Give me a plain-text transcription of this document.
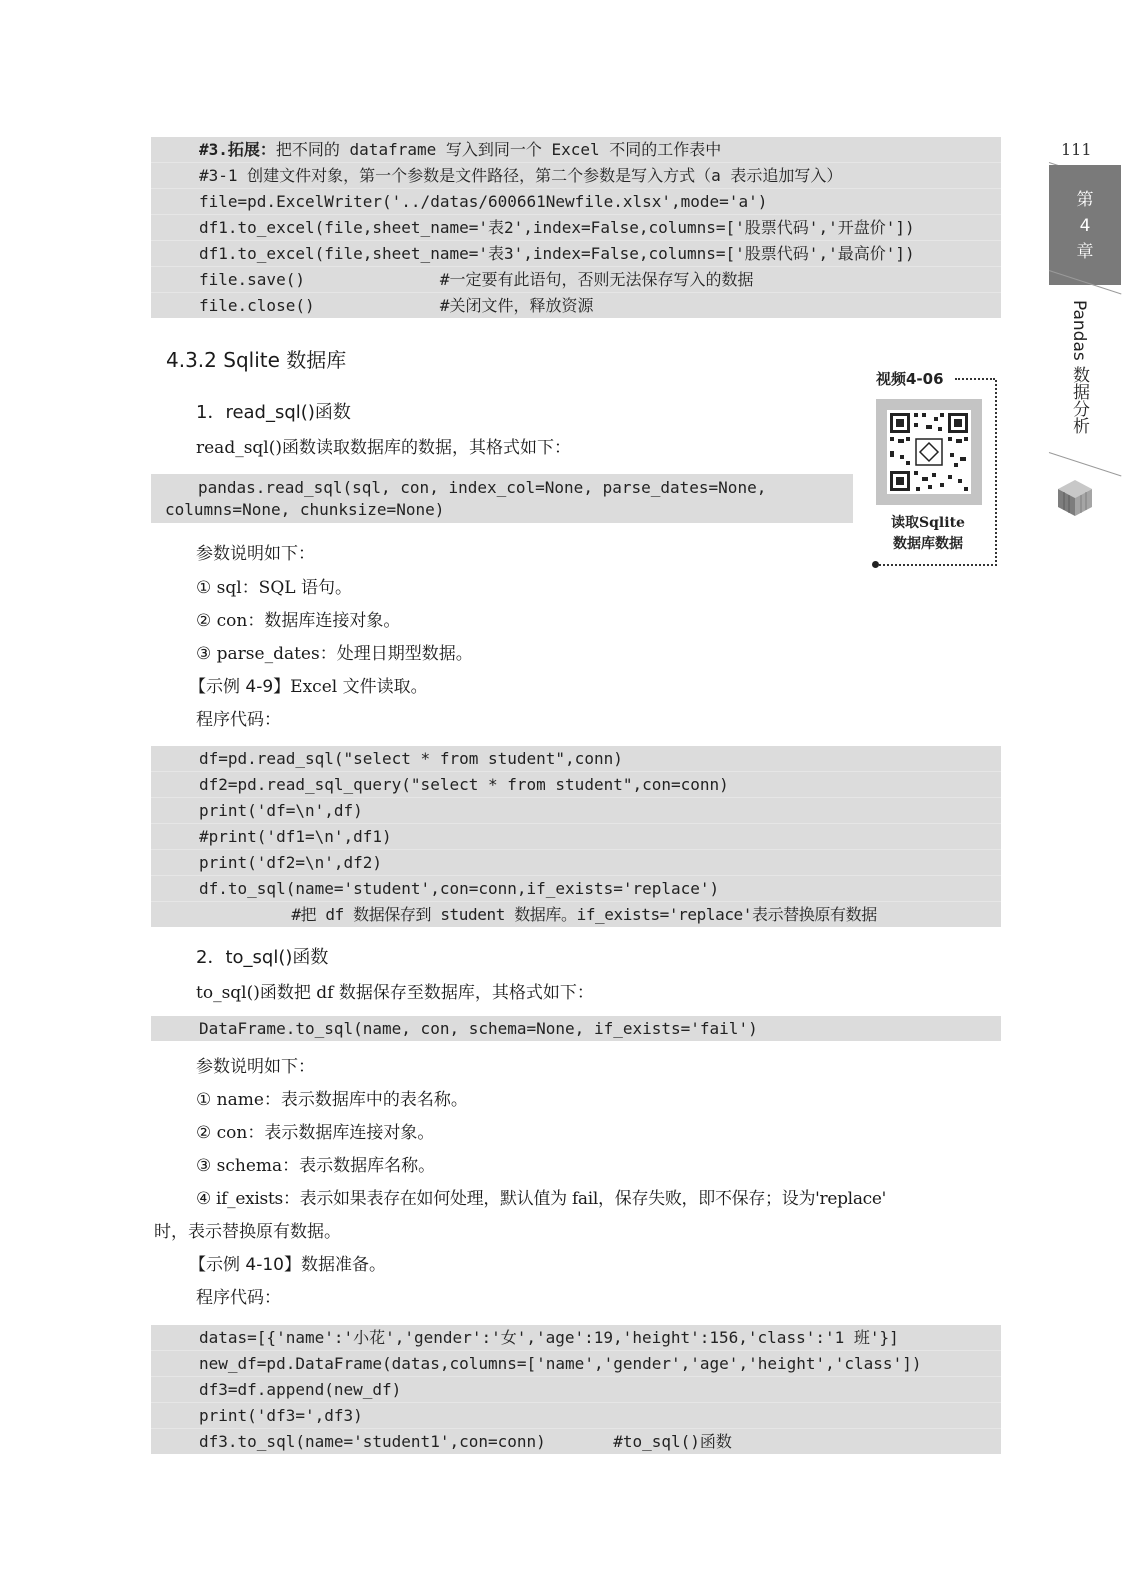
111
第
4
章
Pandas 数据分析
#3.拓展：把不同的 dataframe 写入到同一个 Excel 不同的工作表中
#3-1 创建文件对象，第一个参数是文件路径，第二个参数是写入方式（a 表示追加写入）
file=pd.ExcelWriter('../datas/600661Newfile.xlsx',mode='a')
df1.to_excel(file,sheet_name='表2',index=False,columns=['股票代码','开盘价'])
df1.to_excel(file,sheet_name='表3',index=False,columns=['股票代码','最高价'])
file.save()              #一定要有此语句，否则无法保存写入的数据
file.close()             #关闭文件，释放资源
4.3.2 Sqlite 数据库
视频4-06
读取Sqlite
数据库数据
1．read_sql()函数
read_sql()函数读取数据库的数据，其格式如下：
pandas.read_sql(sql, con, index_col=None, parse_dates=None,
columns=None, chunksize=None)
参数说明如下：
① sql：SQL 语句。
② con：数据库连接对象。
③ parse_dates：处理日期型数据。
【示例 4-9】Excel 文件读取。
程序代码：
df=pd.read_sql("select * from student",conn)
df2=pd.read_sql_query("select * from student",con=conn)
print('df=\n',df)
#print('df1=\n',df1)
print('df2=\n',df2)
df.to_sql(name='student',con=conn,if_exists='replace')
#把 df 数据保存到 student 数据库。if_exists='replace'表示替换原有数据
2．to_sql()函数
to_sql()函数把 df 数据保存至数据库，其格式如下：
DataFrame.to_sql(name, con, schema=None, if_exists='fail')
参数说明如下：
① name：表示数据库中的表名称。
② con：表示数据库连接对象。
③ schema：表示数据库名称。
④ if_exists：表示如果表存在如何处理，默认值为 fail，保存失败，即不保存；设为'replace'
时，表示替换原有数据。
【示例 4-10】数据准备。
程序代码：
datas=[{'name':'小花','gender':'女','age':19,'height':156,'class':'1 班'}]
new_df=pd.DataFrame(datas,columns=['name','gender','age','height','class'])
df3=df.append(new_df)
print('df3=',df3)
df3.to_sql(name='student1',con=conn)       #to_sql()函数
